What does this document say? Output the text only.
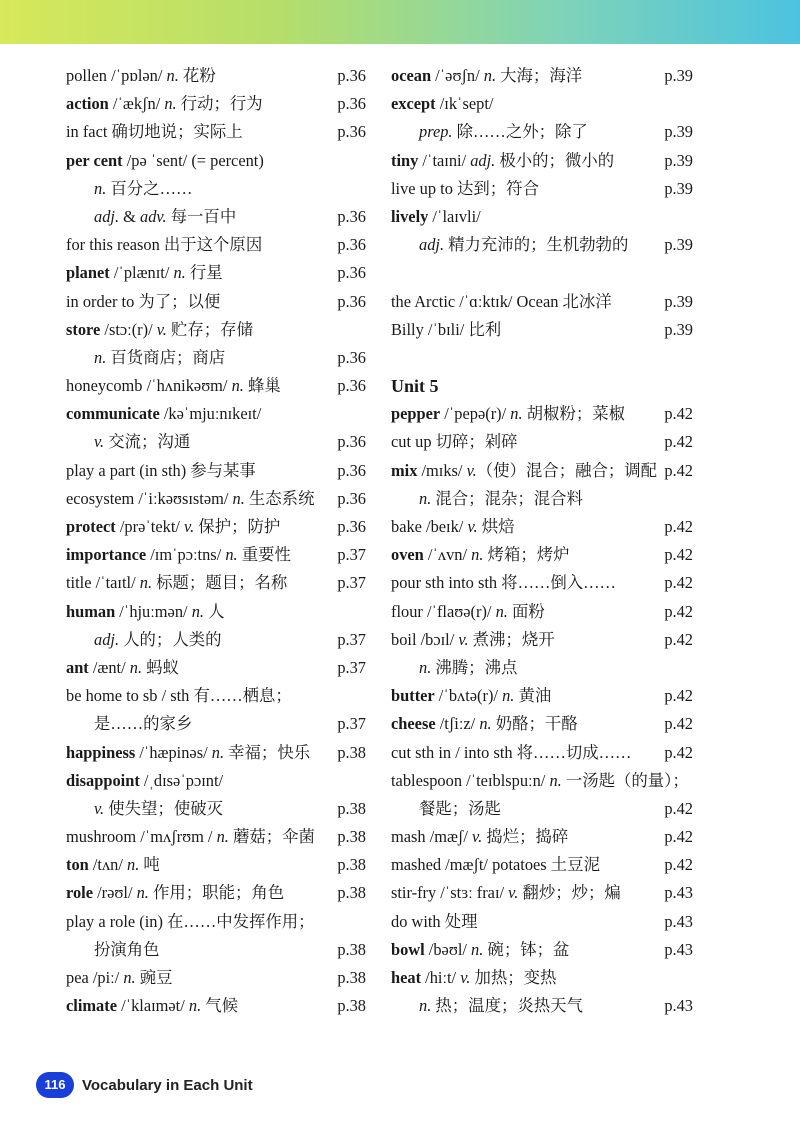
pollen /ˈpɒlən/ n. 花粉	p.36
action /ˈækʃn/ n. 行动；行为	p.36
in fact 确切地说；实际上	p.36
per cent /pə ˈsent/ (= percent)
n. 百分之……
adj. & adv. 每一百中	p.36
for this reason 出于这个原因	p.36
planet /ˈplænɪt/ n. 行星	p.36
in order to 为了；以便	p.36
store /stɔː(r)/ v. 贮存；存储
n. 百货商店；商店	p.36
honeycomb /ˈhʌnikəʊm/ n. 蜂巢	p.36
communicate /kəˈmjuːnɪkeɪt/
v. 交流；沟通	p.36
play a part (in sth) 参与某事	p.36
ecosystem /ˈiːkəʊsɪstəm/ n. 生态系统	p.36
protect /prəˈtekt/ v. 保护；防护	p.36
importance /ɪmˈpɔːtns/ n. 重要性	p.37
title /ˈtaɪtl/ n. 标题；题目；名称	p.37
human /ˈhjuːmən/ n. 人
adj. 人的；人类的	p.37
ant /ænt/ n. 蚂蚁	p.37
be home to sb / sth 有……栖息；
是……的家乡	p.37
happiness /ˈhæpinəs/ n. 幸福；快乐	p.38
disappoint /ˌdɪsəˈpɔɪnt/
v. 使失望；使破灭	p.38
mushroom /ˈmʌʃrʊm / n. 蘑菇；伞菌	p.38
ton /tʌn/ n. 吨	p.38
role /rəʊl/ n. 作用；职能；角色	p.38
play a role (in) 在……中发挥作用；
扮演角色	p.38
pea /piː/ n. 豌豆	p.38
climate /ˈklaɪmət/ n. 气候	p.38
ocean /ˈəʊʃn/ n. 大海；海洋	p.39
except /ɪkˈsept/
prep. 除……之外；除了	p.39
tiny /ˈtaɪni/ adj. 极小的；微小的	p.39
live up to 达到；符合	p.39
lively /ˈlaɪvli/
adj. 精力充沛的；生机勃勃的	p.39
the Arctic /ˈɑːktɪk/ Ocean 北冰洋	p.39
Billy /ˈbɪli/ 比利	p.39
Unit 5
pepper /ˈpepə(r)/ n. 胡椒粉；菜椒	p.42
cut up 切碎；剁碎	p.42
mix /mɪks/ v.（使）混合；融合；调配 p.42
n. 混合；混杂；混合料
bake /beɪk/ v. 烘焙	p.42
oven /ˈʌvn/ n. 烤箱；烤炉	p.42
pour sth into sth 将……倒入……	p.42
flour /ˈflaʊə(r)/ n. 面粉	p.42
boil /bɔɪl/ v. 煮沸；烧开	p.42
n. 沸腾；沸点
butter /ˈbʌtə(r)/ n. 黄油	p.42
cheese /tʃiːz/ n. 奶酪；干酪	p.42
cut sth in / into sth 将……切成……	p.42
tablespoon /ˈteɪblspuːn/ n. 一汤匙（的量）；
餐匙；汤匙	p.42
mash /mæʃ/ v. 捣烂；捣碎	p.42
mashed /mæʃt/ potatoes 土豆泥	p.42
stir-fry /ˈstɜː fraɪ/ v. 翻炒；炒；煸	p.43
do with 处理	p.43
bowl /bəʊl/ n. 碗；钵；盆	p.43
heat /hiːt/ v. 加热；变热
n. 热；温度；炎热天气	p.43
116	Vocabulary in Each Unit
